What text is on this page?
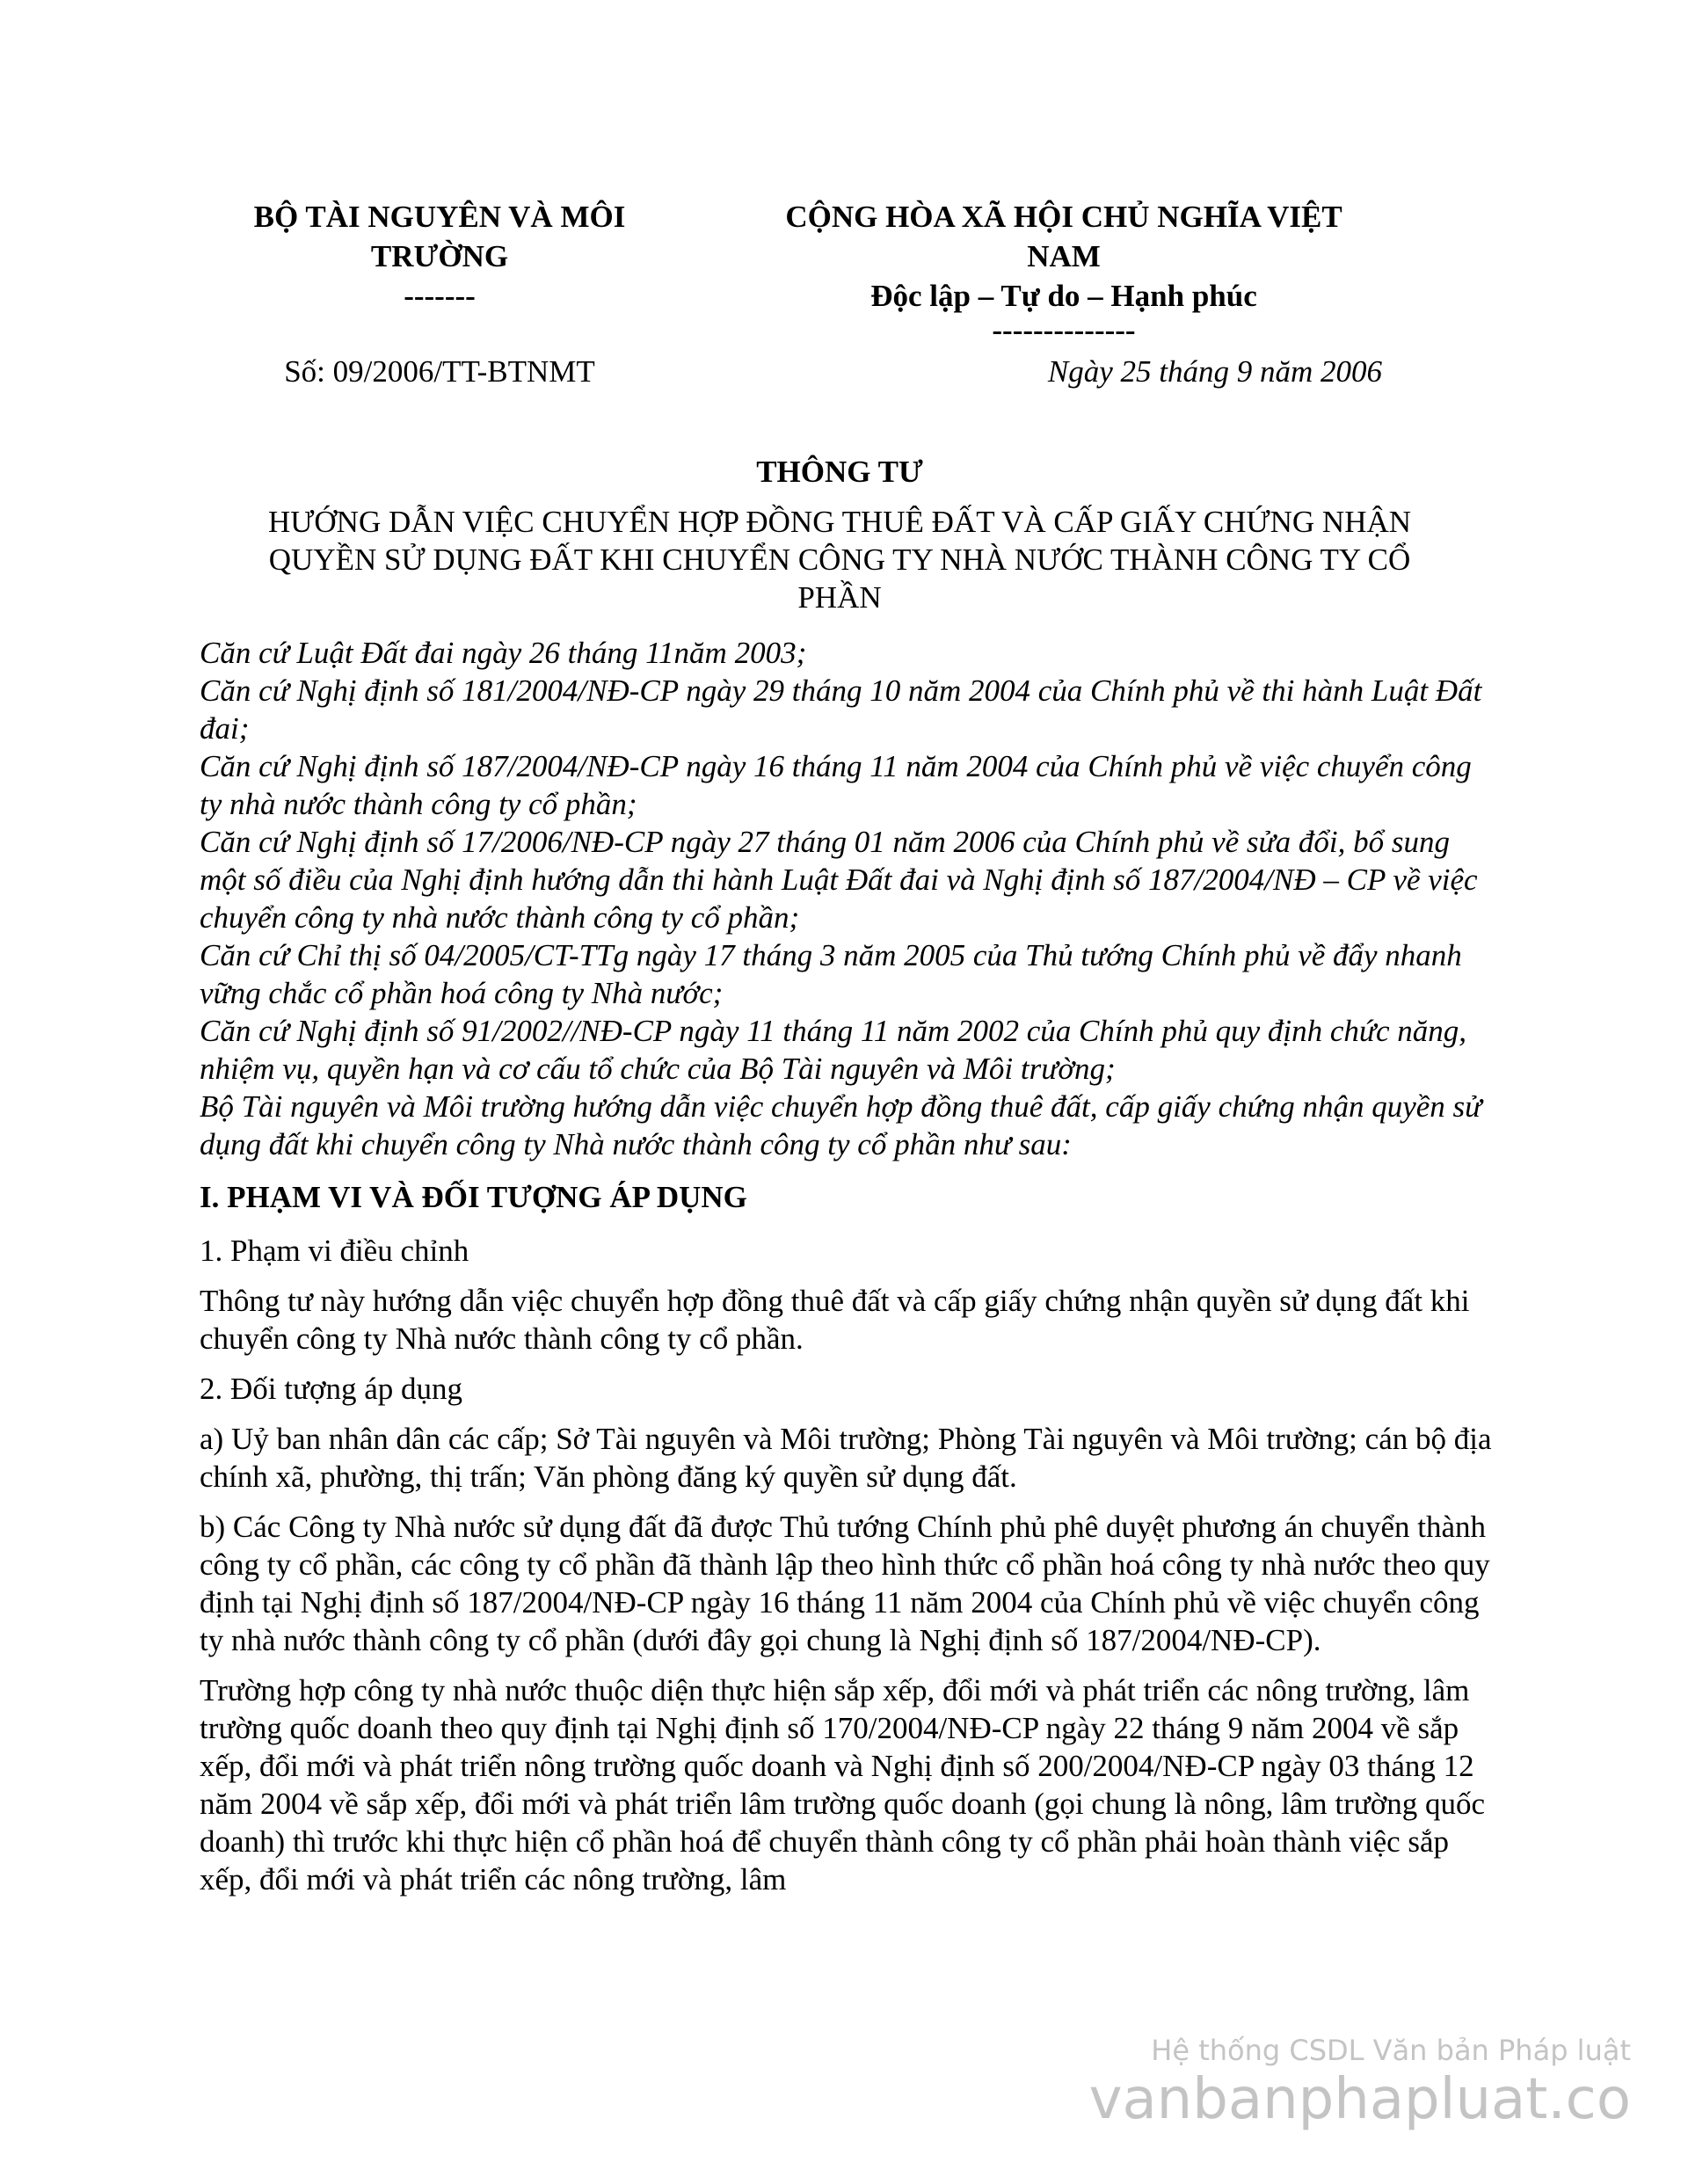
BỘ TÀI NGUYÊN VÀ MÔI
TRƯỜNG
-------
CỘNG HÒA XÃ HỘI CHỦ NGHĨA VIỆT
NAM
Độc lập – Tự do – Hạnh phúc
--------------
Số: 09/2006/TT-BTNMT	Ngày 25 tháng 9 năm 2006
THÔNG TƯ
HƯỚNG DẪN VIỆC CHUYỂN HỢP ĐỒNG THUÊ ĐẤT VÀ CẤP GIẤY CHỨNG NHẬN
QUYỀN SỬ DỤNG ĐẤT KHI CHUYỂN CÔNG TY NHÀ NƯỚC THÀNH CÔNG TY CỔ
PHẦN

Căn cứ Luật Đất đai ngày 26 tháng 11năm 2003;

Căn cứ Nghị định số 181/2004/NĐ-CP ngày 29 tháng 10 năm 2004 của Chính phủ về thi hành Luật Đất đai;

Căn cứ Nghị định số 187/2004/NĐ-CP ngày 16 tháng 11 năm 2004 của Chính phủ về việc chuyển công ty nhà nước thành công ty cổ phần;

Căn cứ Nghị định số 17/2006/NĐ-CP ngày 27 tháng 01 năm 2006 của Chính phủ về sửa đổi, bổ sung một số điều của Nghị định hướng dẫn thi hành Luật Đất đai và Nghị định số 187/2004/NĐ – CP về việc chuyển công ty nhà nước thành công ty cổ phần;

Căn cứ Chỉ thị số 04/2005/CT-TTg ngày 17 tháng 3 năm 2005 của Thủ tướng Chính phủ về đẩy nhanh vững chắc cổ phần hoá công ty Nhà nước;

Căn cứ Nghị định số 91/2002//NĐ-CP ngày 11 tháng 11 năm 2002 của Chính phủ quy định chức năng, nhiệm vụ, quyền hạn và cơ cấu tổ chức của Bộ Tài nguyên và Môi trường;

Bộ Tài nguyên và Môi trường hướng dẫn việc chuyển hợp đồng thuê đất, cấp giấy chứng nhận quyền sử dụng đất khi chuyển công ty Nhà nước thành công ty cổ phần như sau:

I. PHẠM VI VÀ ĐỐI TƯỢNG ÁP DỤNG

1. Phạm vi điều chỉnh

Thông tư này hướng dẫn việc chuyển hợp đồng thuê đất và cấp giấy chứng nhận quyền sử dụng đất khi chuyển công ty Nhà nước thành công ty cổ phần.

2. Đối tượng áp dụng

a) Uỷ ban nhân dân các cấp; Sở Tài nguyên và Môi trường; Phòng Tài nguyên và Môi trường; cán bộ địa chính xã, phường, thị trấn; Văn phòng đăng ký quyền sử dụng đất.

b) Các Công ty Nhà nước sử dụng đất đã được Thủ tướng Chính phủ phê duyệt phương án chuyển thành công ty cổ phần, các công ty cổ phần đã thành lập theo hình thức cổ phần hoá công ty nhà nước theo quy định tại Nghị định số 187/2004/NĐ-CP ngày 16 tháng 11 năm 2004 của Chính phủ về việc chuyển công ty nhà nước thành công ty cổ phần (dưới đây gọi chung là Nghị định số 187/2004/NĐ-CP).

Trường hợp công ty nhà nước thuộc diện thực hiện sắp xếp, đổi mới và phát triển các nông trường, lâm trường quốc doanh theo quy định tại Nghị định số 170/2004/NĐ-CP ngày 22 tháng 9 năm 2004 về sắp xếp, đổi mới và phát triển nông trường quốc doanh và Nghị định số 200/2004/NĐ-CP ngày 03 tháng 12 năm 2004 về sắp xếp, đổi mới và phát triển lâm trường quốc doanh (gọi chung là nông, lâm trường quốc doanh) thì trước khi thực hiện cổ phần hoá để chuyển thành công ty cổ phần phải hoàn thành việc sắp xếp, đổi mới và phát triển các nông trường, lâm

Hệ thống CSDL Văn bản Pháp luật
vanbanphapluat.co
